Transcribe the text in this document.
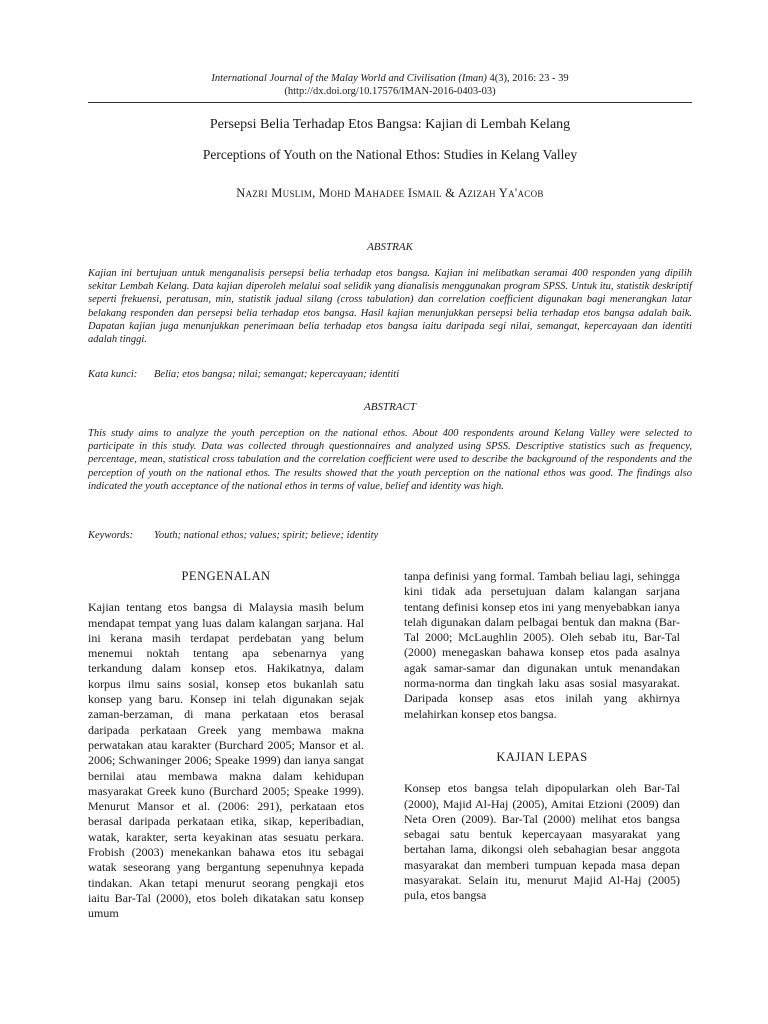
International Journal of the Malay World and Civilisation (Iman) 4(3), 2016: 23 - 39
(http://dx.doi.org/10.17576/IMAN-2016-0403-03)
Persepsi Belia Terhadap Etos Bangsa: Kajian di Lembah Kelang
Perceptions of Youth on the National Ethos: Studies in Kelang Valley
Nazri Muslim, Mohd Mahadee Ismail & Azizah Ya'acob
ABSTRAK
Kajian ini bertujuan untuk menganalisis persepsi belia terhadap etos bangsa. Kajian ini melibatkan seramai 400 responden yang dipilih sekitar Lembah Kelang. Data kajian diperoleh melalui soal selidik yang dianalisis menggunakan program SPSS. Untuk itu, statistik deskriptif seperti frekuensi, peratusan, min, statistik jadual silang (cross tabulation) dan correlation coefficient digunakan bagi menerangkan latar belakang responden dan persepsi belia terhadap etos bangsa. Hasil kajian menunjukkan persepsi belia terhadap etos bangsa adalah baik. Dapatan kajian juga menunjukkan penerimaan belia terhadap etos bangsa iaitu daripada segi nilai, semangat, kepercayaan dan identiti adalah tinggi.
Kata kunci: Belia; etos bangsa; nilai; semangat; kepercayaan; identiti
ABSTRACT
This study aims to analyze the youth perception on the national ethos. About 400 respondents around Kelang Valley were selected to participate in this study. Data was collected through questionnaires and analyzed using SPSS. Descriptive statistics such as frequency, percentage, mean, statistical cross tabulation and the correlation coefficient were used to describe the background of the respondents and the perception of youth on the national ethos. The results showed that the youth perception on the national ethos was good. The findings also indicated the youth acceptance of the national ethos in terms of value, belief and identity was high.
Keywords: Youth; national ethos; values; spirit; believe; identity
PENGENALAN

Kajian tentang etos bangsa di Malaysia masih belum mendapat tempat yang luas dalam kalangan sarjana. Hal ini kerana masih terdapat perdebatan yang belum menemui noktah tentang apa sebenarnya yang terkandung dalam konsep etos. Hakikatnya, dalam korpus ilmu sains sosial, konsep etos bukanlah satu konsep yang baru. Konsep ini telah digunakan sejak zaman-berzaman, di mana perkataan etos berasal daripada perkataan Greek yang membawa makna perwatakan atau karakter (Burchard 2005; Mansor et al. 2006; Schwaninger 2006; Speake 1999) dan ianya sangat bernilai atau membawa makna dalam kehidupan masyarakat Greek kuno (Burchard 2005; Speake 1999). Menurut Mansor et al. (2006: 291), perkataan etos berasal daripada perkataan etika, sikap, keperibadian, watak, karakter, serta keyakinan atas sesuatu perkara. Frobish (2003) menekankan bahawa etos itu sebagai watak seseorang yang bergantung sepenuhnya kepada tindakan. Akan tetapi menurut seorang pengkaji etos iaitu Bar-Tal (2000), etos boleh dikatakan satu konsep umum

tanpa definisi yang formal. Tambah beliau lagi, sehingga kini tidak ada persetujuan dalam kalangan sarjana tentang definisi konsep etos ini yang menyebabkan ianya telah digunakan dalam pelbagai bentuk dan makna (Bar-Tal 2000; McLaughlin 2005). Oleh sebab itu, Bar-Tal (2000) menegaskan bahawa konsep etos pada asalnya agak samar-samar dan digunakan untuk menandakan norma-norma dan tingkah laku asas sosial masyarakat. Daripada konsep asas etos inilah yang akhirnya melahirkan konsep etos bangsa.

KAJIAN LEPAS

Konsep etos bangsa telah dipopularkan oleh Bar-Tal (2000), Majid Al-Haj (2005), Amitai Etzioni (2009) dan Neta Oren (2009). Bar-Tal (2000) melihat etos bangsa sebagai satu bentuk kepercayaan masyarakat yang bertahan lama, dikongsi oleh sebahagian besar anggota masyarakat dan memberi tumpuan kepada masa depan masyarakat. Selain itu, menurut Majid Al-Haj (2005) pula, etos bangsa
